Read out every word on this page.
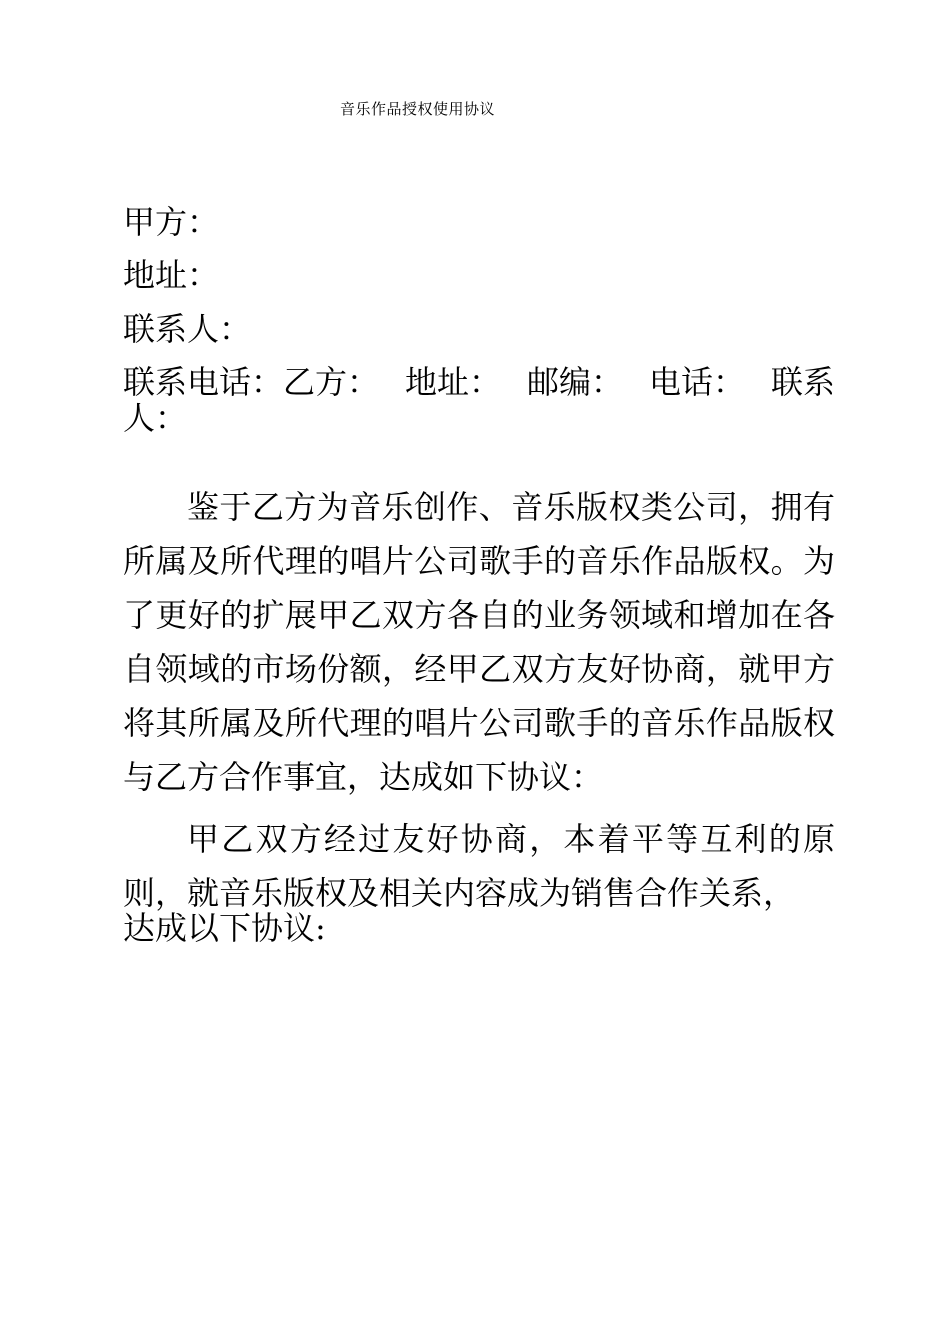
音乐作品授权使用协议
甲方：
地址：
联系人：
联系电话：乙方： 地址： 邮编： 电话： 联系
人：
鉴于乙方为音乐创作、音乐版权类公司，拥有所属及所代理的唱片公司歌手的音乐作品版权。为了更好的扩展甲乙双方各自的业务领域和增加在各自领域的市场份额，经甲乙双方友好协商，就甲方将其所属及所代理的唱片公司歌手的音乐作品版权与乙方合作事宜，达成如下协议：
甲乙双方经过友好协商，本着平等互利的原则，就音乐版权及相关内容成为销售合作关系，
达成以下协议:
